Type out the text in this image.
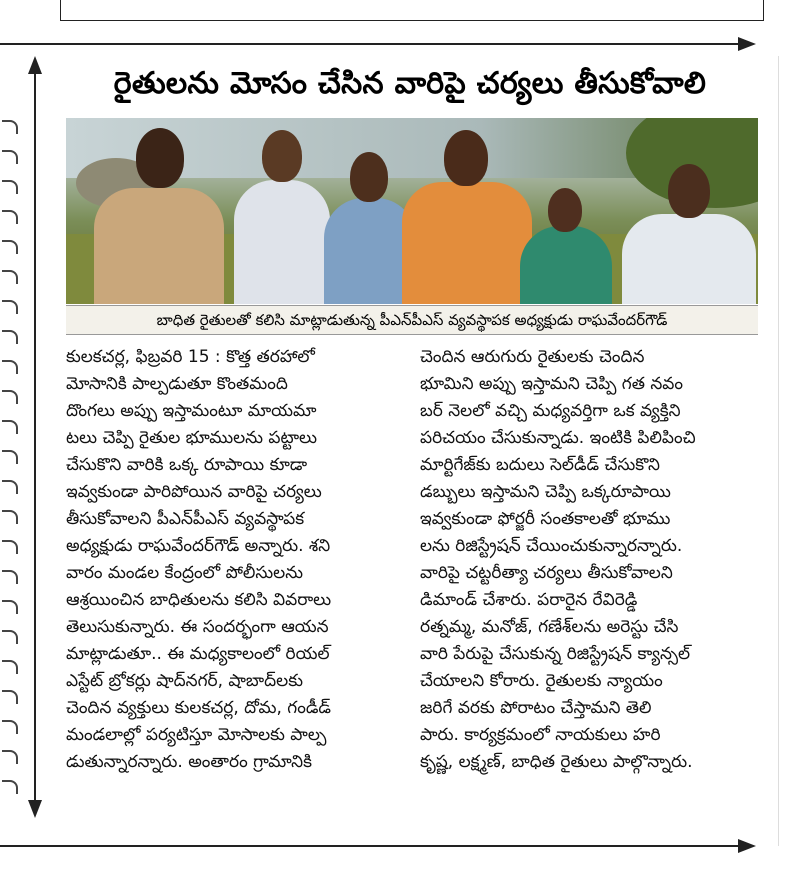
రైతులను మోసం చేసిన వారిపై చర్యలు తీసుకోవాలి
బాధిత రైతులతో కలిసి మాట్లాడుతున్న పీఎన్‌పీఎస్ వ్యవస్థాపక అధ్యక్షుడు రాఘవేందర్‌గౌడ్

కులకచర్ల, ఫిబ్రవరి 15 : కొత్త తరహాలో

మోసానికి పాల్పడుతూ కొంతమంది

దొంగలు అప్పు ఇస్తామంటూ మాయమా

టలు చెప్పి రైతుల భూములను పట్టాలు

చేసుకొని వారికి ఒక్క రూపాయి కూడా

ఇవ్వకుండా పారిపోయిన వారిపై చర్యలు

తీసుకోవాలని పీఎన్‌పీఎస్ వ్యవస్థాపక

అధ్యక్షుడు రాఘవేందర్‌గౌడ్ అన్నారు. శని

వారం మండల కేంద్రంలో పోలీసులను

ఆశ్రయించిన బాధితులను కలిసి వివరాలు

తెలుసుకున్నారు. ఈ సందర్భంగా ఆయన

మాట్లాడుతూ.. ఈ మధ్యకాలంలో రియల్

ఎస్టేట్ బ్రోకర్లు షాద్‌నగర్, షాబాద్‌లకు

చెందిన వ్యక్తులు కులకచర్ల, దోమ, గండీడ్

మండలాల్లో పర్యటిస్తూ మోసాలకు పాల్ప

డుతున్నారన్నారు. అంతారం గ్రామానికి

చెందిన ఆరుగురు రైతులకు చెందిన

భూమిని అప్పు ఇస్తామని చెప్పి గత నవం

బర్ నెలలో వచ్చి మధ్యవర్తిగా ఒక వ్యక్తిని

పరిచయం చేసుకున్నాడు. ఇంటికి పిలిపించి

మార్టిగేజ్‌కు బదులు సెల్‌డీడ్ చేసుకొని

డబ్బులు ఇస్తామని చెప్పి ఒక్కరూపాయి

ఇవ్వకుండా ఫోర్జరీ సంతకాలతో భూము

లను రిజిస్ట్రేషన్ చేయించుకున్నారన్నారు.

వారిపై చట్టరీత్యా చర్యలు తీసుకోవాలని

డిమాండ్ చేశారు. పరారైన రేవిరెడ్డి

రత్నమ్మ, మనోజ్, గణేశ్‌లను అరెస్టు చేసి

వారి పేరుపై చేసుకున్న రిజిస్ట్రేషన్ క్యాన్సల్

చేయాలని కోరారు. రైతులకు న్యాయం

జరిగే వరకు పోరాటం చేస్తామని తెలి

పారు. కార్యక్రమంలో నాయకులు హరి

కృష్ణ, లక్ష్మణ్, బాధిత రైతులు పాల్గొన్నారు.
